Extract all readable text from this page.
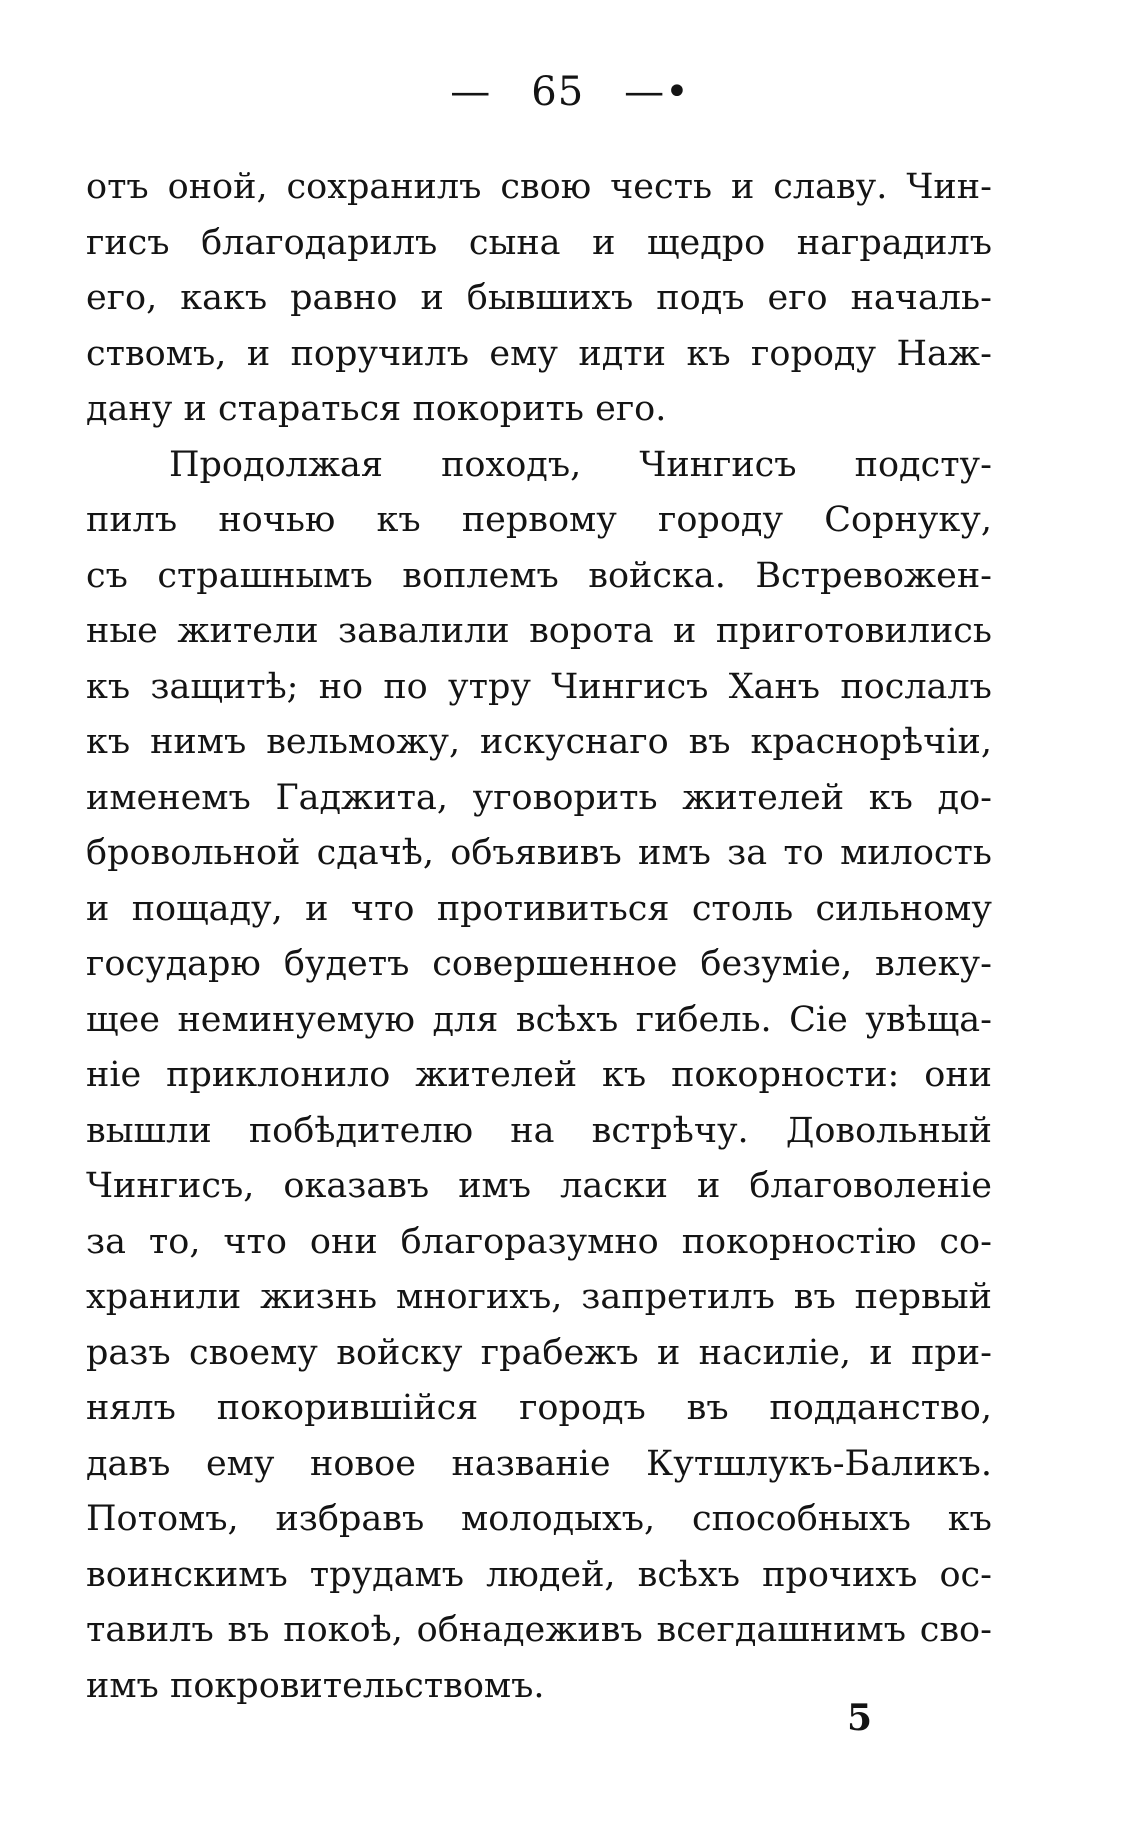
— 65 —•
отъ оной, сохранилъ свою честь и славу. Чин-
гисъ благодарилъ сына и щедро наградилъ
его, какъ равно и бывшихъ подъ его началь-
ствомъ, и поручилъ ему идти къ городу Наж-
дану и стараться покорить его.
Продолжая походъ, Чингисъ подсту-
пилъ ночью къ первому городу Сорнуку,
съ страшнымъ воплемъ войска. Встревожен-
ные жители завалили ворота и приготовились
къ защитѣ; но по утру Чингисъ Ханъ послалъ
къ нимъ вельможу, искуснаго въ краснорѣчіи,
именемъ Гаджита, уговорить жителей къ до-
бровольной сдачѣ, объявивъ имъ за то милость
и пощаду, и что противиться столь сильному
государю будетъ совершенное безуміе, влеку-
щее неминуемую для всѣхъ гибель. Сіе увѣща-
ніе приклонило жителей къ покорности: они
вышли побѣдителю на встрѣчу. Довольный
Чингисъ, оказавъ имъ ласки и благоволеніе
за то, что они благоразумно покорностію со-
хранили жизнь многихъ, запретилъ въ первый
разъ своему войску грабежъ и насиліе, и при-
нялъ покорившійся городъ въ подданство,
давъ ему новое названіе Кутшлукъ-Баликъ.
Потомъ, избравъ молодыхъ, способныхъ къ
воинскимъ трудамъ людей, всѣхъ прочихъ ос-
тавилъ въ покоѣ, обнадеживъ всегдашнимъ сво-
имъ покровительствомъ.
5
